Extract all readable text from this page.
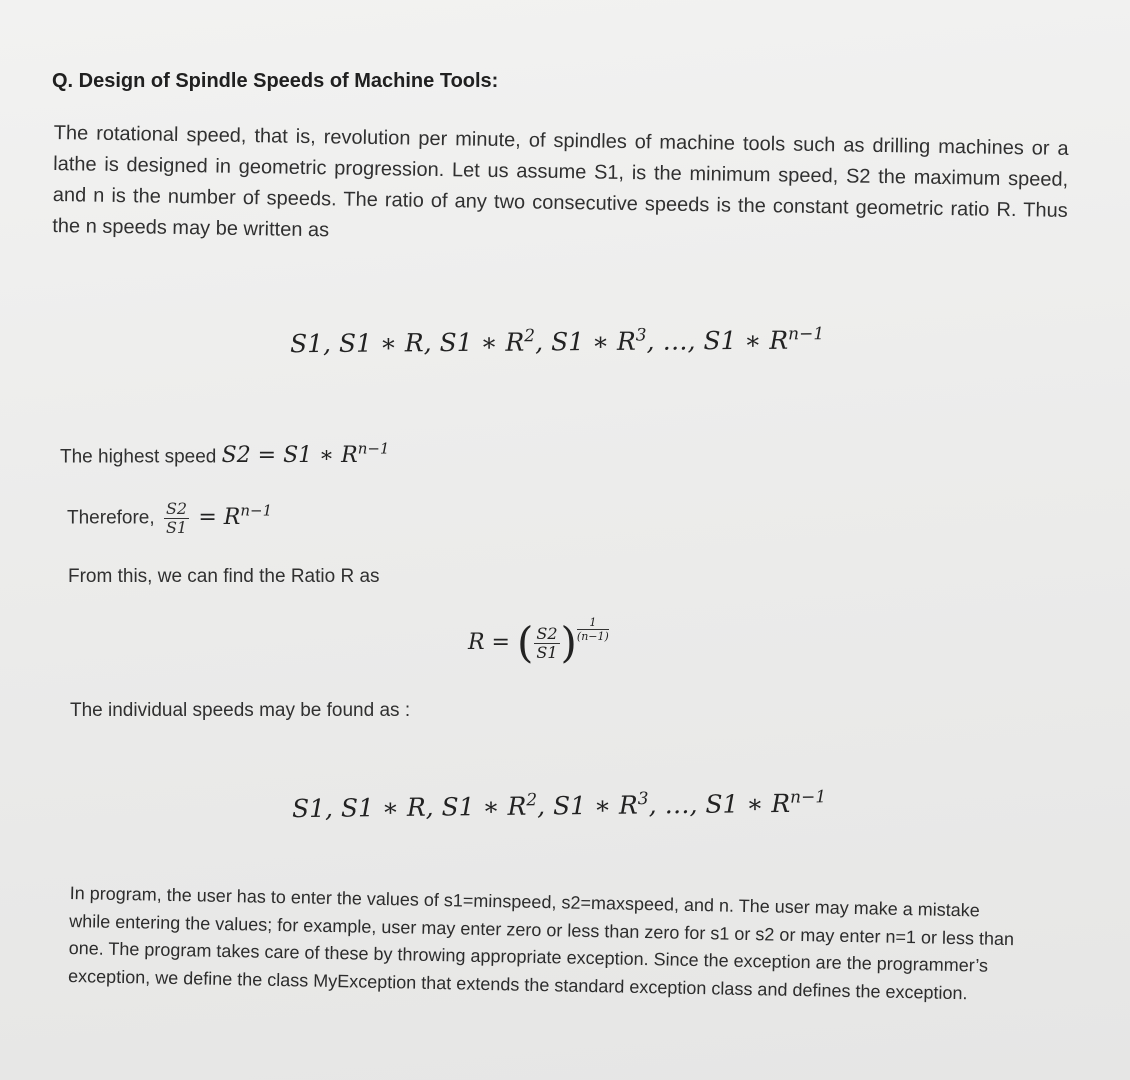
Q. Design of Spindle Speeds of Machine Tools:
The rotational speed, that is, revolution per minute, of spindles of machine tools such as drilling machines or a lathe is designed in geometric progression. Let us assume S1, is the minimum speed, S2 the maximum speed, and n is the number of speeds. The ratio of any two consecutive speeds is the constant geometric ratio R. Thus the n speeds may be written as
S1, S1 ∗ R, S1 ∗ $R^2$, S1 ∗ $R^3$, …, S1 ∗ $R^{n-1}$
The highest speed S2 = S1 ∗ $R^{n-1}$
Therefore, $\frac{S2}{S1} = R^{n-1}$
From this, we can find the Ratio R as
R = ( $\frac{S2}{S1}$ ) $\frac{1}{(n-1)}$
The individual speeds may be found as :
S1, S1 ∗ R, S1 ∗ $R^2$, S1 ∗ $R^3$, …, S1 ∗ $R^{n-1}$
In program, the user has to enter the values of s1=minspeed, s2=maxspeed, and n. The user may make a mistake while entering the values; for example, user may enter zero or less than zero for s1 or s2 or may enter n=1 or less than one. The program takes care of these by throwing appropriate exception. Since the exception are the programmer’s exception, we define the class MyException that extends the standard exception class and defines the exception.
